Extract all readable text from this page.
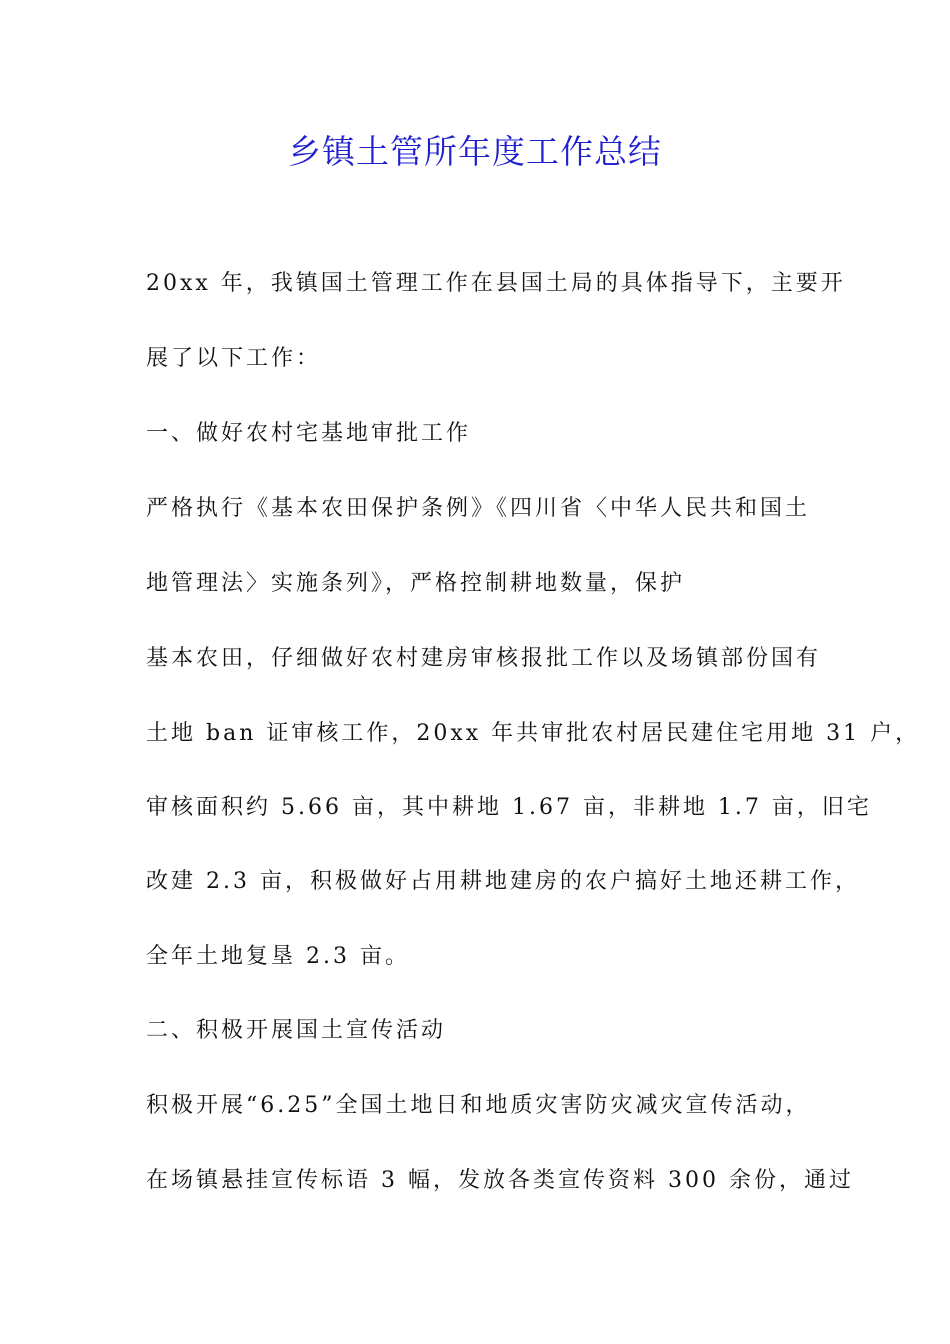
乡镇土管所年度工作总结
20xx 年，我镇国土管理工作在县国土局的具体指导下，主要开
展了以下工作：
一、做好农村宅基地审批工作
严格执行《基本农田保护条例》《四川省〈中华人民共和国土
地管理法〉实施条列》，严格控制耕地数量，保护
基本农田，仔细做好农村建房审核报批工作以及场镇部份国有
土地 ban 证审核工作，20xx 年共审批农村居民建住宅用地 31 户，
审核面积约 5.66 亩，其中耕地 1.67 亩，非耕地 1.7 亩，旧宅
改建 2.3 亩，积极做好占用耕地建房的农户搞好土地还耕工作，
全年土地复垦 2.3 亩。
二、积极开展国土宣传活动
积极开展“6.25”全国土地日和地质灾害防灾减灾宣传活动，
在场镇悬挂宣传标语 3 幅，发放各类宣传资料 300 余份，通过
